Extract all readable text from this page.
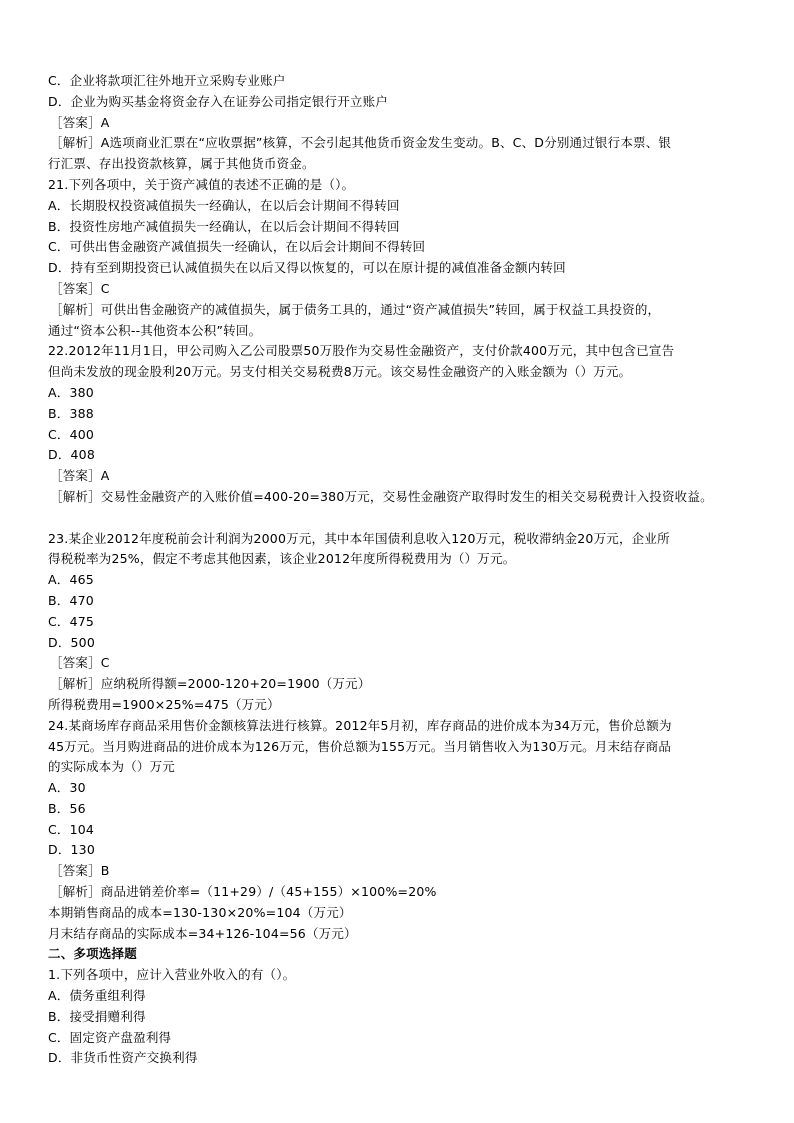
C．企业将款项汇往外地开立采购专业账户
D．企业为购买基金将资金存入在证券公司指定银行开立账户
［答案］A
［解析］A选项商业汇票在“应收票据”核算，不会引起其他货币资金发生变动。B、C、D分别通过银行本票、银
行汇票、存出投资款核算，属于其他货币资金。
21.下列各项中，关于资产减值的表述不正确的是（）。
A．长期股权投资减值损失一经确认，在以后会计期间不得转回
B．投资性房地产减值损失一经确认，在以后会计期间不得转回
C．可供出售金融资产减值损失一经确认，在以后会计期间不得转回
D．持有至到期投资已认减值损失在以后又得以恢复的，可以在原计提的减值准备金额内转回
［答案］C
［解析］可供出售金融资产的减值损失，属于债务工具的，通过“资产减值损失”转回，属于权益工具投资的，
通过“资本公积--其他资本公积”转回。
22.2012年11月1日，甲公司购入乙公司股票50万股作为交易性金融资产，支付价款400万元，其中包含已宣告
但尚未发放的现金股利20万元。另支付相关交易税费8万元。该交易性金融资产的入账金额为（）万元。
A．380
B．388
C．400
D．408
［答案］A
［解析］交易性金融资产的入账价值=400-20=380万元，交易性金融资产取得时发生的相关交易税费计入投资收益。
23.某企业2012年度税前会计利润为2000万元，其中本年国债利息收入120万元，税收滞纳金20万元，企业所
得税税率为25%，假定不考虑其他因素，该企业2012年度所得税费用为（）万元。
A．465
B．470
C．475
D．500
［答案］C
［解析］应纳税所得额=2000-120+20=1900（万元）
所得税费用=1900×25%=475（万元）
24.某商场库存商品采用售价金额核算法进行核算。2012年5月初，库存商品的进价成本为34万元，售价总额为
45万元。当月购进商品的进价成本为126万元，售价总额为155万元。当月销售收入为130万元。月末结存商品
的实际成本为（）万元
A．30
B．56
C．104
D．130
［答案］B
［解析］商品进销差价率=（11+29）/（45+155）×100%=20%
本期销售商品的成本=130-130×20%=104（万元）
月末结存商品的实际成本=34+126-104=56（万元）
二、多项选择题
1.下列各项中，应计入营业外收入的有（）。
A．债务重组利得
B．接受捐赠利得
C．固定资产盘盈利得
D．非货币性资产交换利得
